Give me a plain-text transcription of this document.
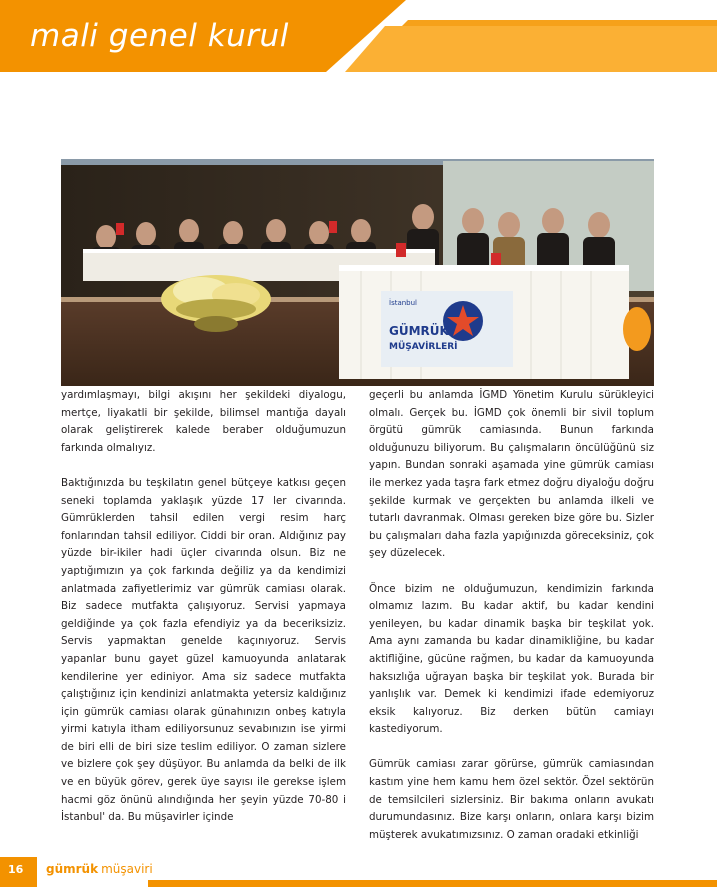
mali genel kurul
İstanbul
GÜMRÜK
MÜŞAVİRLERİ

yardımlaşmayı, bilgi akışını her şekildeki diyalogu, mertçe, liyakatli bir şekilde, bilimsel mantığa dayalı olarak geliştirerek kalede beraber olduğumuzun farkında olmalıyız.

Baktığınızda bu teşkilatın genel bütçeye katkısı geçen seneki toplamda yaklaşık yüzde 17 ler civarında. Gümrüklerden tahsil edilen vergi resim harç fonlarından tahsil ediliyor. Ciddi bir oran. Aldığınız pay yüzde bir-ikiler hadi üçler civarında olsun. Biz ne yaptığımızın ya çok farkında değiliz ya da kendimizi anlatmada zafiyetlerimiz var gümrük camiası olarak. Biz sadece mutfakta çalışıyoruz. Servisi yapmaya geldiğinde ya çok fazla efendiyiz ya da beceriksiziz. Servis yapmaktan genelde kaçınıyoruz. Servis yapanlar bunu gayet güzel kamuoyunda anlatarak kendilerine yer ediniyor. Ama siz sadece mutfakta çalıştığınız için kendinizi anlatmakta yetersiz kaldığınız için gümrük camiası olarak günahınızın onbeş katıyla yirmi katıyla itham ediliyorsunuz sevabınızın ise yirmi de biri elli de biri size teslim ediliyor. O zaman sizlere ve bizlere çok şey düşüyor. Bu anlamda da belki de ilk ve en büyük görev, gerek üye sayısı ile gerekse işlem hacmi göz önünü alındığında her şeyin yüzde 70-80 i İstanbul' da. Bu müşavirler içinde

geçerli bu anlamda İGMD Yönetim Kurulu sürükleyici olmalı. Gerçek bu. İGMD çok önemli bir sivil toplum örgütü gümrük camiasında. Bunun farkında olduğunuzu biliyorum. Bu çalışmaların öncülüğünü siz yapın. Bundan sonraki aşamada yine gümrük camiası ile merkez yada taşra fark etmez doğru diyaloğu doğru şekilde kurmak ve gerçekten bu anlamda ilkeli ve tutarlı davranmak. Olması gereken bize göre bu. Sizler bu çalışmaları daha fazla yapığınızda göreceksiniz, çok şey düzelecek.

Önce bizim ne olduğumuzun, kendimizin farkında olmamız lazım. Bu kadar aktif, bu kadar kendini yenileyen, bu kadar dinamik başka bir teşkilat yok. Ama aynı zamanda bu kadar dinamikliğine, bu kadar aktifliğine, gücüne rağmen, bu kadar da kamuoyunda haksızlığa uğrayan başka bir teşkilat yok. Burada bir yanlışlık var. Demek ki kendimizi ifade edemiyoruz eksik kalıyoruz. Biz derken bütün camiayı kastediyorum.

Gümrük camiası zarar görürse, gümrük camiasından kastım yine hem kamu hem özel sektör. Özel sektörün de temsilcileri sizlersiniz. Bir bakıma onların avukatı durumundasınız. Bize karşı onların, onlara karşı bizim müşterek avukatımızsınız. O zaman oradaki etkinliği

16 gümrük müşaviri
